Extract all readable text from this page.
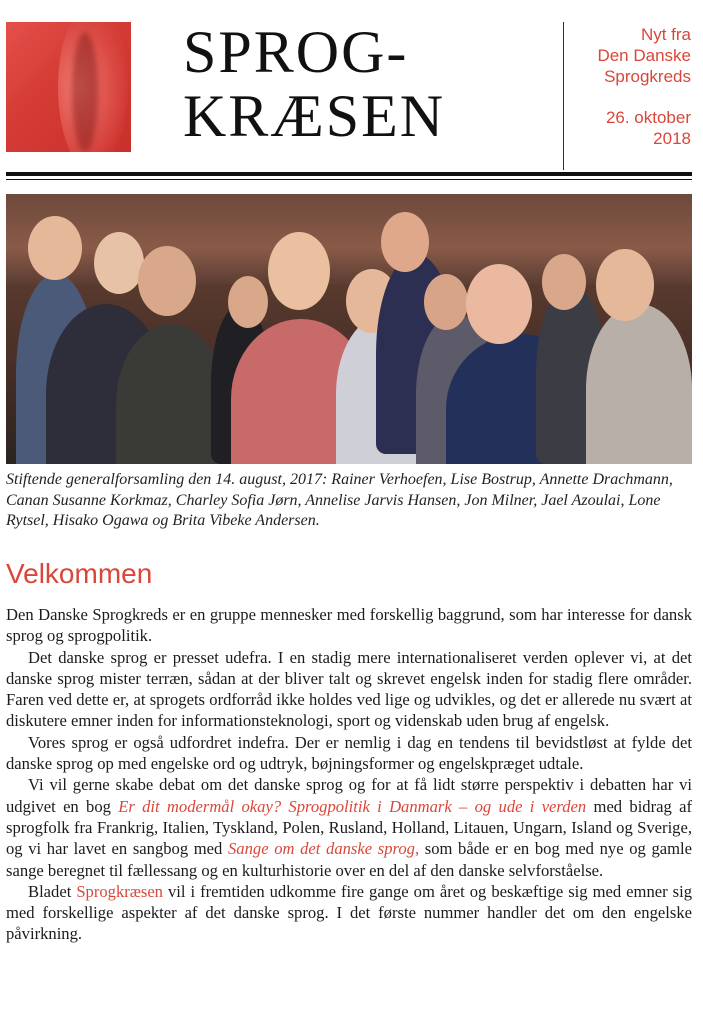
SPROG-
KRÆSEN
Nyt fra
Den Danske
Sprogkreds
26. oktober
2018
Stiftende generalforsamling den 14. august, 2017: Rainer Verhoefen, Lise Bostrup, Annette Drachmann, Canan Susanne Korkmaz, Charley Sofia Jørn, Annelise Jarvis Hansen, Jon Milner, Jael Azoulai, Lone Rytsel, Hisako Ogawa og Brita Vibeke Andersen.
Velkommen

Den Danske Sprogkreds er en gruppe mennesker med forskellig baggrund, som har interesse for dansk sprog og sprogpolitik.

Det danske sprog er presset udefra. I en stadig mere internationaliseret verden oplever vi, at det danske sprog mister terræn, sådan at der bliver talt og skrevet engelsk inden for stadig flere områder. Faren ved dette er, at sprogets ordforråd ikke holdes ved lige og udvikles, og det er allerede nu svært at diskutere emner inden for informationsteknologi, sport og videnskab uden brug af engelsk.

Vores sprog er også udfordret indefra. Der er nemlig i dag en tendens til bevidstløst at fylde det danske sprog op med engelske ord og udtryk, bøjningsformer og engelskpræget udtale.

Vi vil gerne skabe debat om det danske sprog og for at få lidt større perspektiv i debatten har vi udgivet en bog Er dit modermål okay? Sprogpolitik i Danmark – og ude i verden med bidrag af sprogfolk fra Frankrig, Italien, Tyskland, Polen, Rusland, Holland, Litauen, Ungarn, Island og Sverige, og vi har lavet en sangbog med Sange om det danske sprog, som både er en bog med nye og gamle sange beregnet til fællessang og en kulturhistorie over en del af den danske selvforståelse.

Bladet Sprogkræsen vil i fremtiden udkomme fire gange om året og beskæftige sig med emner sig med forskellige aspekter af det danske sprog. I det første nummer handler det om den engelske påvirkning.
